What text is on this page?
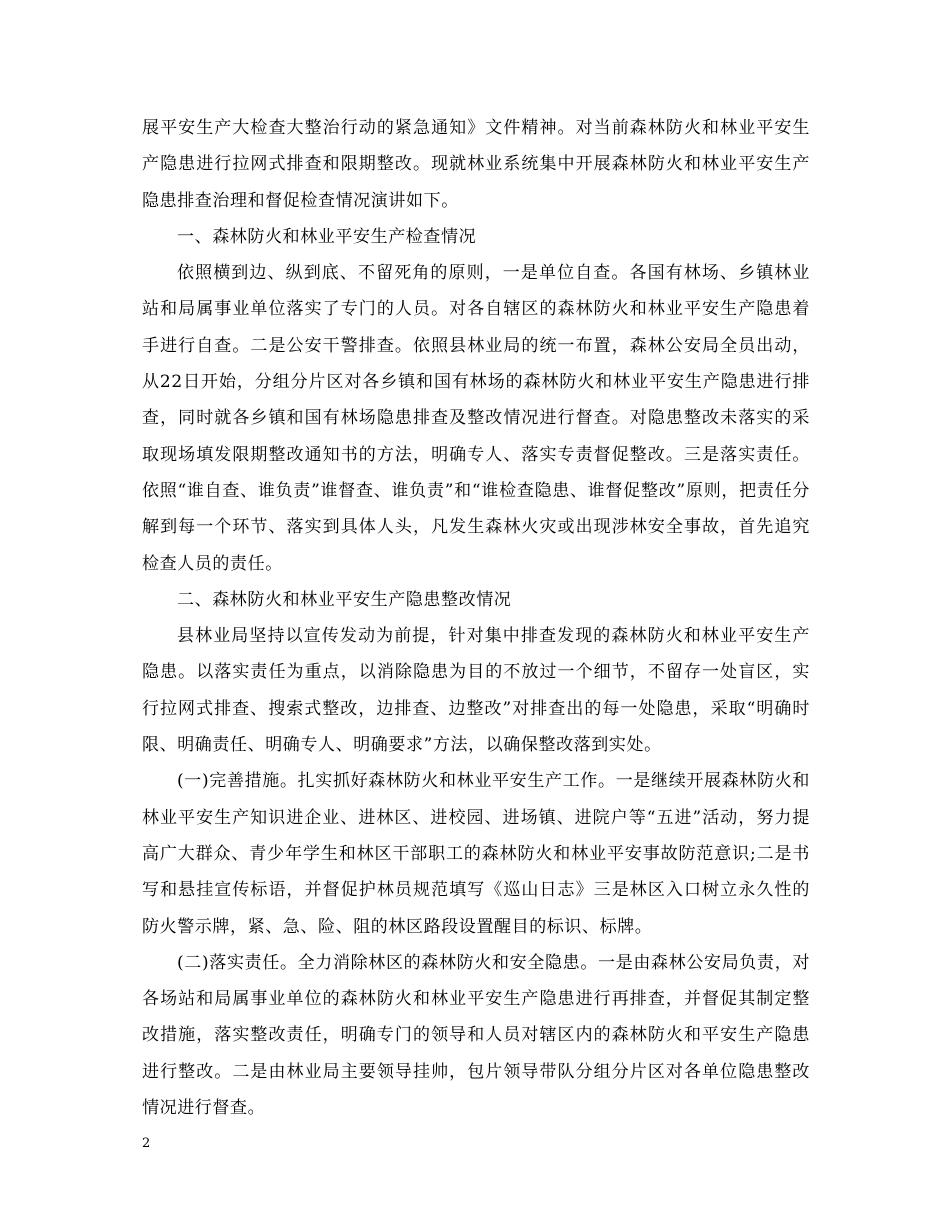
展平安生产大检查大整治行动的紧急通知》文件精神。对当前森林防火和林业平安生产隐患进行拉网式排查和限期整改。现就林业系统集中开展森林防火和林业平安生产隐患排查治理和督促检查情况演讲如下。

一、森林防火和林业平安生产检查情况

依照横到边、纵到底、不留死角的原则，一是单位自查。各国有林场、乡镇林业站和局属事业单位落实了专门的人员。对各自辖区的森林防火和林业平安生产隐患着手进行自查。二是公安干警排查。依照县林业局的统一布置，森林公安局全员出动，从22日开始，分组分片区对各乡镇和国有林场的森林防火和林业平安生产隐患进行排查，同时就各乡镇和国有林场隐患排查及整改情况进行督查。对隐患整改未落实的采取现场填发限期整改通知书的方法，明确专人、落实专责督促整改。三是落实责任。依照“谁自查、谁负责”谁督查、谁负责”和“谁检查隐患、谁督促整改”原则，把责任分解到每一个环节、落实到具体人头，凡发生森林火灾或出现涉林安全事故，首先追究检查人员的责任。

二、森林防火和林业平安生产隐患整改情况

县林业局坚持以宣传发动为前提，针对集中排查发现的森林防火和林业平安生产隐患。以落实责任为重点，以消除隐患为目的不放过一个细节，不留存一处盲区，实行拉网式排查、搜索式整改，边排查、边整改”对排查出的每一处隐患，采取“明确时限、明确责任、明确专人、明确要求”方法，以确保整改落到实处。

(一)完善措施。扎实抓好森林防火和林业平安生产工作。一是继续开展森林防火和林业平安生产知识进企业、进林区、进校园、进场镇、进院户等“五进”活动，努力提高广大群众、青少年学生和林区干部职工的森林防火和林业平安事故防范意识;二是书写和悬挂宣传标语，并督促护林员规范填写《巡山日志》三是林区入口树立永久性的防火警示牌，紧、急、险、阻的林区路段设置醒目的标识、标牌。

(二)落实责任。全力消除林区的森林防火和安全隐患。一是由森林公安局负责，对各场站和局属事业单位的森林防火和林业平安生产隐患进行再排查，并督促其制定整改措施，落实整改责任，明确专门的领导和人员对辖区内的森林防火和平安生产隐患进行整改。二是由林业局主要领导挂帅，包片领导带队分组分片区对各单位隐患整改情况进行督查。

2
